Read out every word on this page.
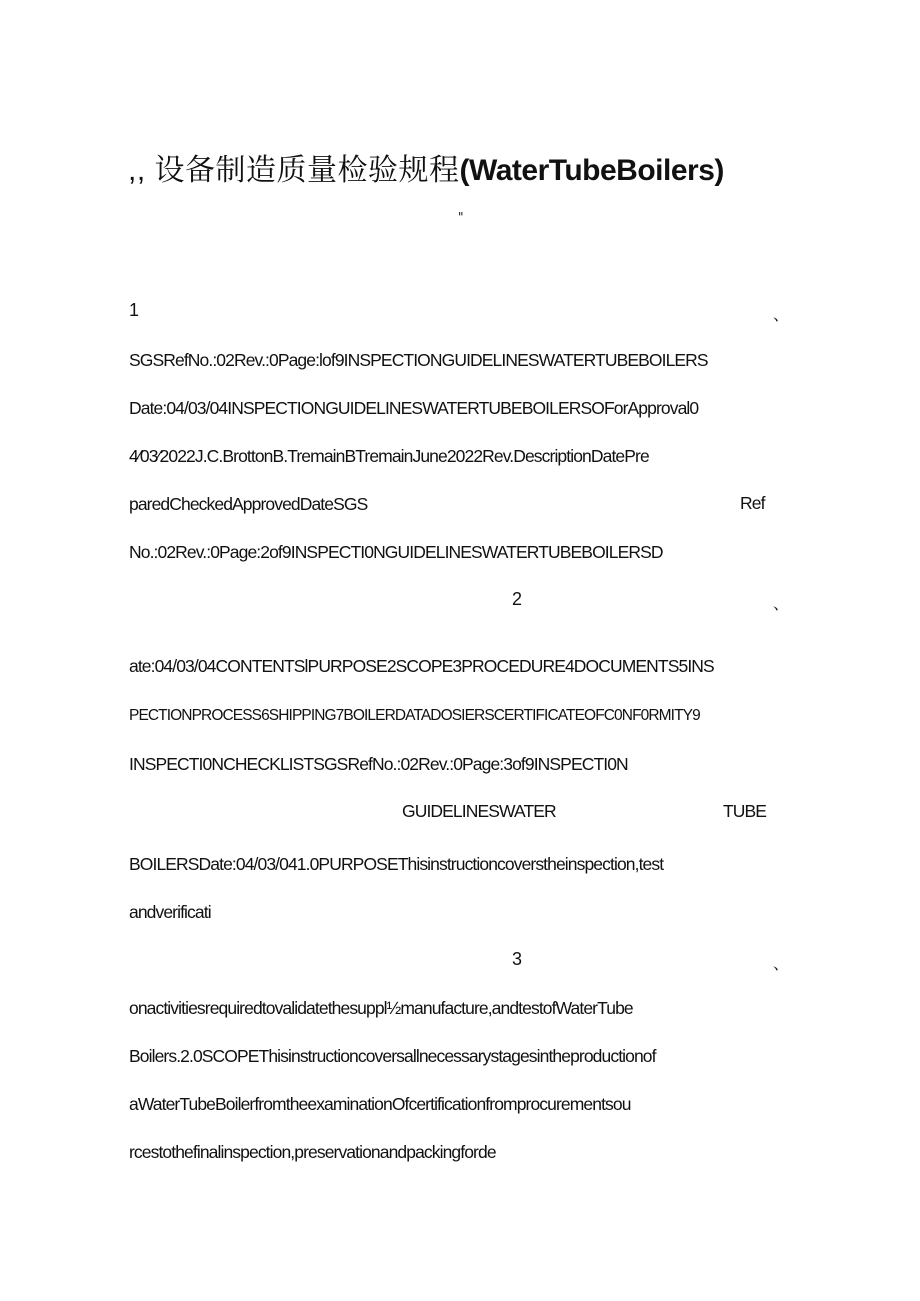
,, 设备制造质量检验规程(WaterTubeBoilers)
"
1	、
SGSRefNo.:02Rev.:0Page:lof9INSPECTIONGUIDELINESWATERTUBEBOILERS
Date:04/03/04INSPECTIONGUIDELINESWATERTUBEBOILERSOForApproval0
4⁄03⁄2022J.C.BrottonB.TremainBTremainJune2022Rev.DescriptionDatePre
paredCheckedApprovedDateSGS	Ref
No.:02Rev.:0Page:2of9INSPECTI0NGUIDELINESWATERTUBEBOILERSD
2	、
ate:04/03/04CONTENTSlPURPOSE2SCOPE3PROCEDURE4DOCUMENTS5INS
PECTIONPROCESS6SHIPPING7BOILERDATADOSIERSCERTIFICATEOFC0NF0RMITY9
INSPECTI0NCHECKLISTSGSRefNo.:02Rev.:0Page:3of9INSPECTI0N
GUIDELINESWATER	TUBE
BOILERSDate:04/03/041.0PURPOSEThisinstructioncoverstheinspection,test
andverificati
3	、
onactivitiesrequiredtovalidatethesuppl½manufacture,andtestofWaterTube
Boilers.2.0SCOPEThisinstructioncoversallnecessarystagesintheproductionof
aWaterTubeBoilerfromtheexaminationOfcertificationfromprocurementsou
rcestothefinalinspection,preservationandpackingforde
